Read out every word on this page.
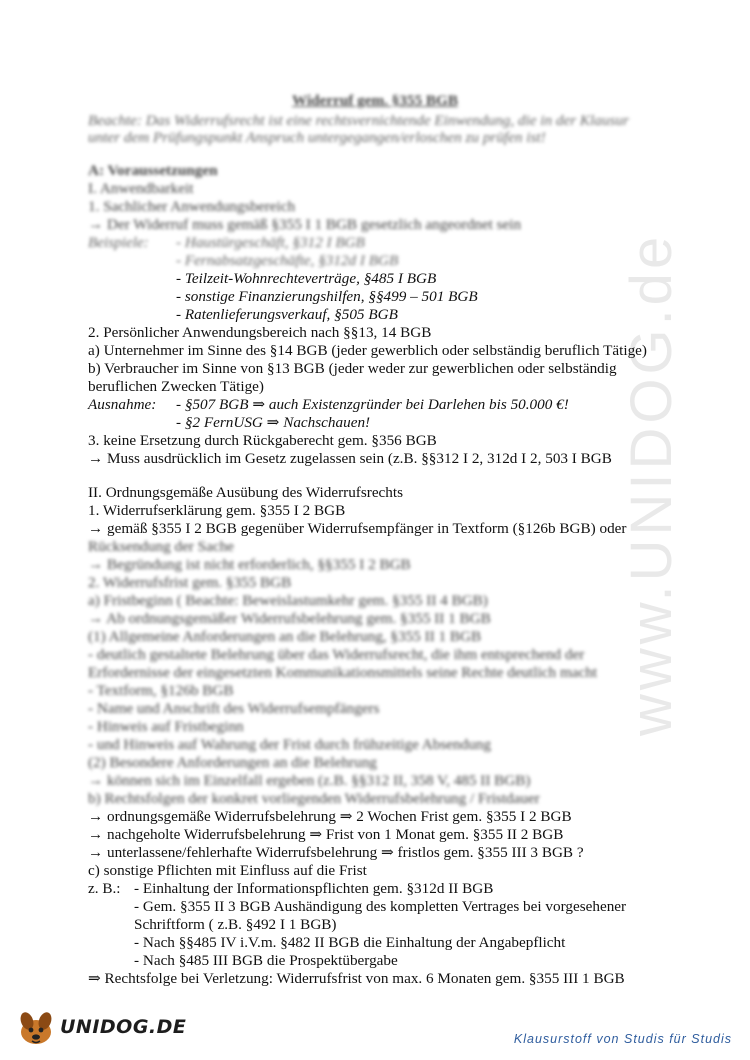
www.UNIDOG.de
Widerruf gem. §355 BGB
Beachte: Das Widerrufsrecht ist eine rechtsvernichtende Einwendung, die in der Klausur
unter dem Prüfungspunkt Anspruch untergegangen/erloschen zu prüfen ist!
A: Voraussetzungen
I. Anwendbarkeit
1. Sachlicher Anwendungsbereich
→ Der Widerruf muss gemäß §355 I 1 BGB gesetzlich angeordnet sein
Beispiele:	- Haustürgeschäft, §312 I BGB
- Fernabsatzgeschäfte, §312d I BGB
- Teilzeit-Wohnrechteverträge, §485 I BGB
- sonstige Finanzierungshilfen, §§499 – 501 BGB
- Ratenlieferungsverkauf, §505 BGB
2. Persönlicher Anwendungsbereich nach §§13, 14 BGB
a) Unternehmer im Sinne des §14 BGB (jeder gewerblich oder selbständig beruflich Tätige)
b) Verbraucher im Sinne von §13 BGB (jeder weder zur gewerblichen oder selbständig
beruflichen Zwecken Tätige)
Ausnahme:	- §507 BGB ⇒ auch Existenzgründer bei Darlehen bis 50.000 €!
- §2 FernUSG ⇒ Nachschauen!
3. keine Ersetzung durch Rückgaberecht gem. §356 BGB
→ Muss ausdrücklich im Gesetz zugelassen sein (z.B. §§312 I 2, 312d I 2, 503 I BGB
II. Ordnungsgemäße Ausübung des Widerrufsrechts
1. Widerrufserklärung gem. §355 I 2 BGB
→ gemäß §355 I 2 BGB gegenüber Widerrufsempfänger in Textform (§126b BGB) oder
Rücksendung der Sache
→ Begründung ist nicht erforderlich, §§355 I 2 BGB
2. Widerrufsfrist gem. §355 BGB
a) Fristbeginn ( Beachte: Beweislastumkehr gem. §355 II 4 BGB)
→ Ab ordnungsgemäßer Widerrufsbelehrung gem. §355 II 1 BGB
(1) Allgemeine Anforderungen an die Belehrung, §355 II 1 BGB
- deutlich gestaltete Belehrung über das Widerrufsrecht, die ihm entsprechend der
Erfordernisse der eingesetzten Kommunikationsmittels seine Rechte deutlich macht
- Textform, §126b BGB
- Name und Anschrift des Widerrufsempfängers
- Hinweis auf Fristbeginn
- und Hinweis auf Wahrung der Frist durch frühzeitige Absendung
(2) Besondere Anforderungen an die Belehrung
→ können sich im Einzelfall ergeben (z.B. §§312 II, 358 V, 485 II BGB)
b) Rechtsfolgen der konkret vorliegenden Widerrufsbelehrung / Fristdauer
→ ordnungsgemäße Widerrufsbelehrung ⇒ 2 Wochen Frist gem. §355 I 2 BGB
→ nachgeholte Widerrufsbelehrung ⇒ Frist von 1 Monat gem. §355 II 2 BGB
→ unterlassene/fehlerhafte Widerrufsbelehrung ⇒ fristlos gem. §355 III 3 BGB ?
c) sonstige Pflichten mit Einfluss auf die Frist
z. B.: - Einhaltung der Informationspflichten gem. §312d II BGB
- Gem. §355 II 3 BGB Aushändigung des kompletten Vertrages bei vorgesehener
Schriftform ( z.B. §492 I 1 BGB)
- Nach §§485 IV i.V.m. §482 II BGB die Einhaltung der Angabepflicht
- Nach §485 III BGB die Prospektübergabe
⇒ Rechtsfolge bei Verletzung: Widerrufsfrist von max. 6 Monaten gem. §355 III 1 BGB
UNIDOG.DE
Klausurstoff von Studis für Studis
